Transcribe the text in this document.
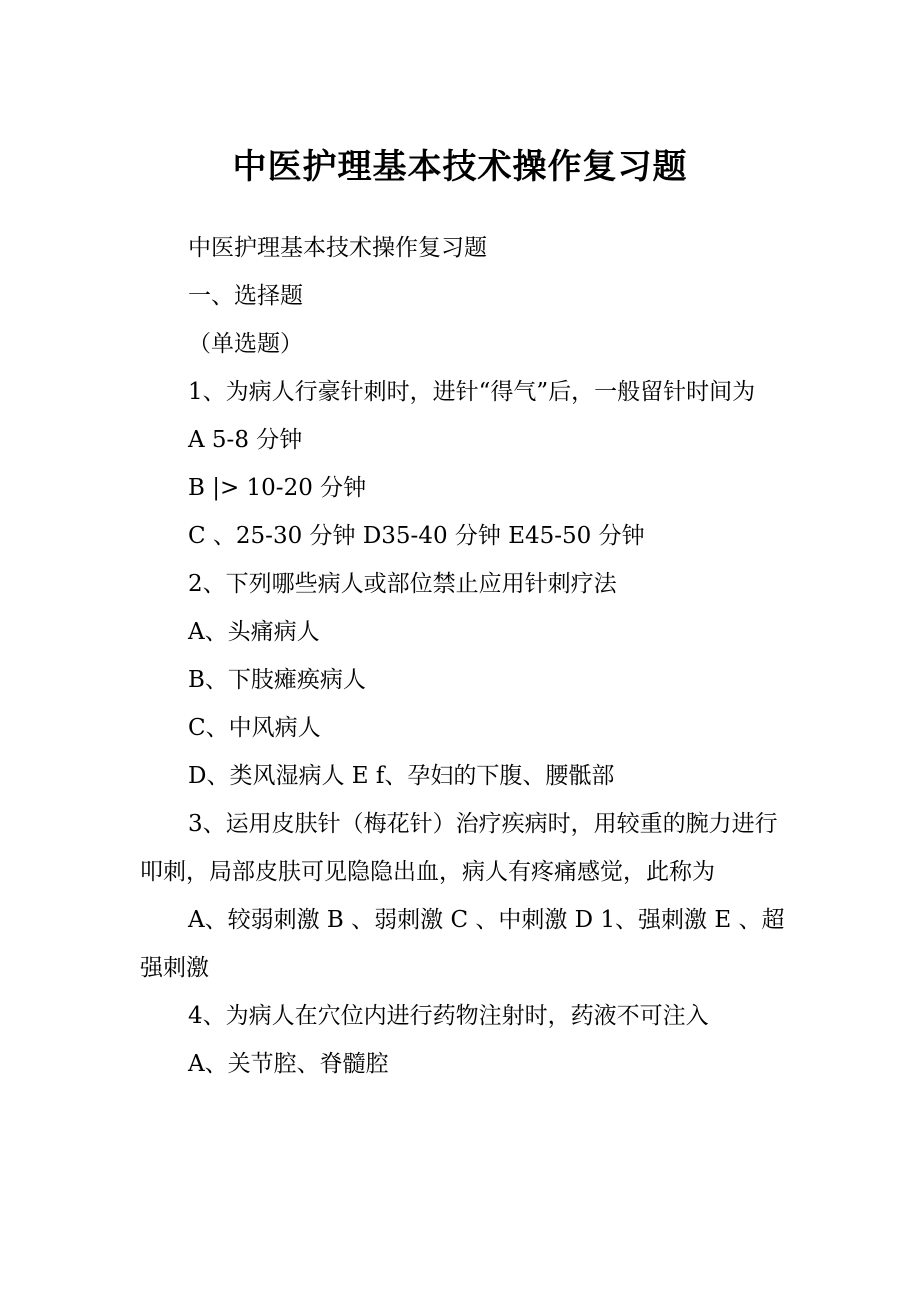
中医护理基本技术操作复习题

中医护理基本技术操作复习题

一、选择题

（单选题）

1、为病人行豪针刺时，进针“得气”后，一般留针时间为

A 5-8 分钟

B |> 10-20 分钟

C 、25-30 分钟 D35-40 分钟 E45-50 分钟

2、下列哪些病人或部位禁止应用针刺疗法

A、头痛病人

B、下肢瘫痪病人

C、中风病人

D、类风湿病人 E f、孕妇的下腹、腰骶部

3、运用皮肤针（梅花针）治疗疾病时，用较重的腕力进行叩刺，局部皮肤可见隐隐出血，病人有疼痛感觉，此称为

A、较弱刺激 B 、弱刺激 C 、中刺激 D 1、强刺激 E 、超强刺激

4、为病人在穴位内进行药物注射时，药液不可注入

A、关节腔、脊髓腔
